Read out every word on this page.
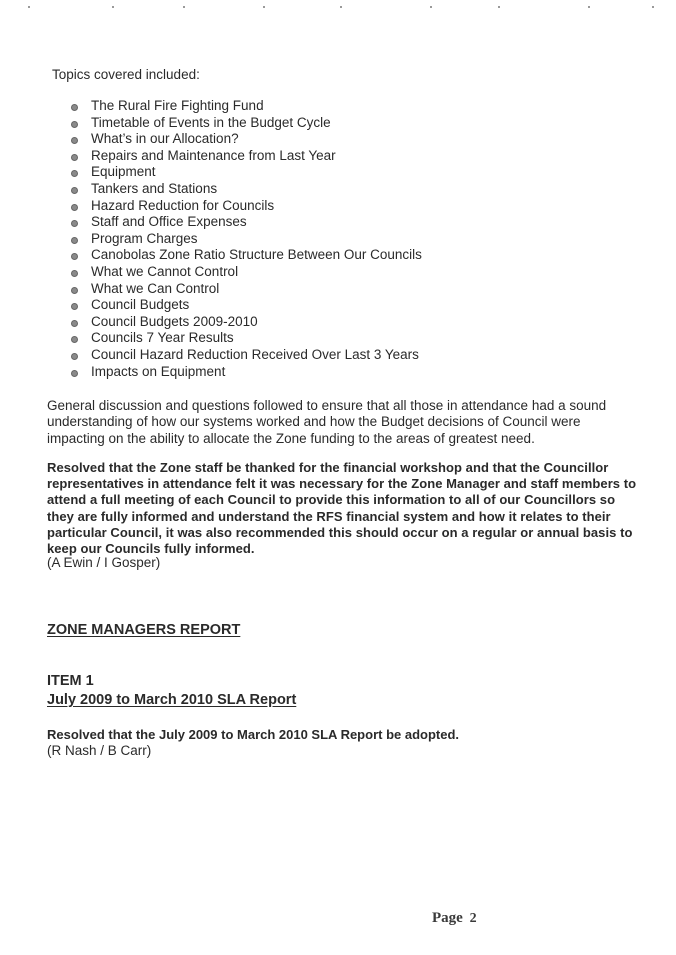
Topics covered included:

The Rural Fire Fighting Fund
Timetable of Events in the Budget Cycle
What’s in our Allocation?
Repairs and Maintenance from Last Year
Equipment
Tankers and Stations
Hazard Reduction for Councils
Staff and Office Expenses
Program Charges
Canobolas Zone Ratio Structure Between Our Councils
What we Cannot Control
What we Can Control
Council Budgets
Council Budgets 2009-2010
Councils 7 Year Results
Council Hazard Reduction Received Over Last 3 Years
Impacts on Equipment

General discussion and questions followed to ensure that all those in attendance had a sound understanding of how our systems worked and how the Budget decisions of Council were impacting on the ability to allocate the Zone funding to the areas of greatest need.

Resolved that the Zone staff be thanked for the financial workshop and that the Councillor representatives in attendance felt it was necessary for the Zone Manager and staff members to attend a full meeting of each Council to provide this information to all of our Councillors so they are fully informed and understand the RFS financial system and how it relates to their particular Council, it was also recommended this should occur on a regular or annual basis to keep our Councils fully informed.

(A Ewin / I Gosper)

ZONE MANAGERS REPORT
ITEM 1
July 2009 to March 2010 SLA Report

Resolved that the July 2009 to March 2010 SLA Report be adopted.

(R Nash / B Carr)

Page 2
